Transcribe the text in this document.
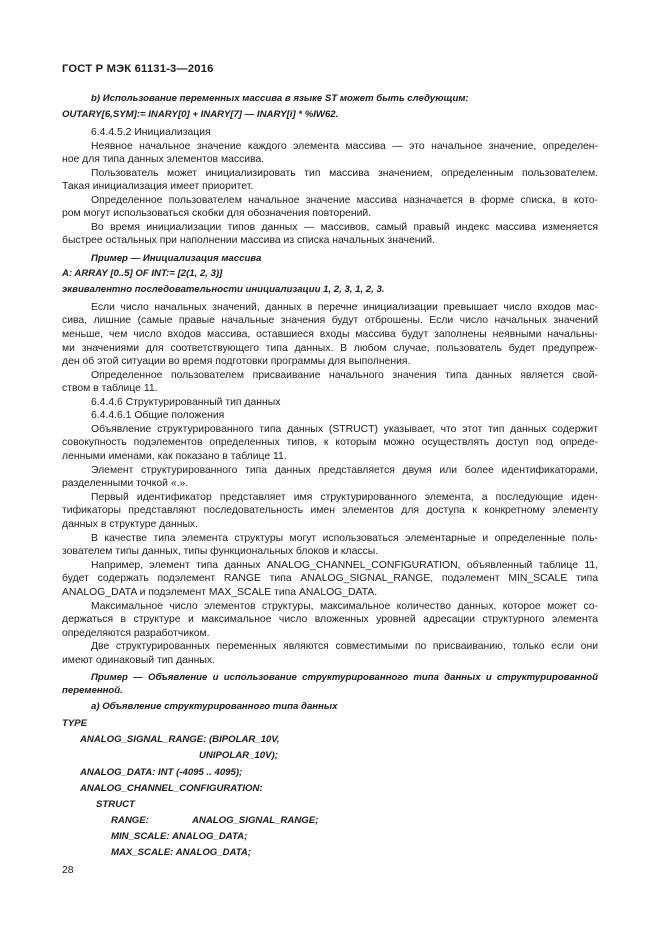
ГОСТ Р МЭК 61131-3—2016
b) Использование переменных массива в языке ST может быть следующим:
OUTARY[6,SYM]:= INARY[0] + INARY[7] — INARY[i] * %IW62.
6.4.4.5.2 Инициализация
Неявное начальное значение каждого элемента массива — это начальное значение, определен-
ное для типа данных элементов массива.
Пользователь может инициализировать тип массива значением, определенным пользователем.
Такая инициализация имеет приоритет.
Определенное пользователем начальное значение массива назначается в форме списка, в кото-
ром могут использоваться скобки для обозначения повторений.
Во время инициализации типов данных — массивов, самый правый индекс массива изменяется
быстрее остальных при наполнении массива из списка начальных значений.
Пример — Инициализация массива
A: ARRAY [0..5] OF INT:= [2(1, 2, 3)]
эквивалентно последовательности инициализации 1, 2, 3, 1, 2, 3.
Если число начальных значений, данных в перечне инициализации превышает число входов мас-
сива, лишние (самые правые начальные значения будут отброшены. Если число начальных значений
меньше, чем число входов массива, оставшиеся входы массива будут заполнены неявными начальны-
ми значениями для соответствующего типа данных. В любом случае, пользователь будет предупреж-
ден об этой ситуации во время подготовки программы для выполнения.
Определенное пользователем присваивание начального значения типа данных является свой-
ством в таблице 11.
6.4.4.6 Структурированный тип данных
6.4.4.6.1 Общие положения
Объявление структурированного типа данных (STRUCT) указывает, что этот тип данных содержит
совокупность подэлементов определенных типов, к которым можно осуществлять доступ под опреде-
ленными именами, как показано в таблице 11.
Элемент структурированного типа данных представляется двумя или более идентификаторами,
разделенными точкой «.».
Первый идентификатор представляет имя структурированного элемента, а последующие иден-
тификаторы представляют последовательность имен элементов для доступа к конкретному элементу
данных в структуре данных.
В качестве типа элемента структуры могут использоваться элементарные и определенные поль-
зователем типы данных, типы функциональных блоков и классы.
Например, элемент типа данных ANALOG_CHANNEL_CONFIGURATION, объявленный таблице 11,
будет содержать подэлемент RANGE типа ANALOG_SIGNAL_RANGE, подэлемент MIN_SCALE типа
ANALOG_DATA и подэлемент MAX_SCALE типа ANALOG_DATA.
Максимальное число элементов структуры, максимальное количество данных, которое может со-
держаться в структуре и максимальное число вложенных уровней адресации структурного элемента
определяются разработчиком.
Две структурированных переменных являются совместимыми по присваиванию, только если они
имеют одинаковый тип данных.
Пример — Объявление и использование структурированного типа данных и структурированной
переменной.
a) Объявление структурированного типа данных
TYPE
ANALOG_SIGNAL_RANGE: (BIPOLAR_10V,
UNIPOLAR_10V);
ANALOG_DATA: INT (-4095 .. 4095);
ANALOG_CHANNEL_CONFIGURATION:
STRUCT
RANGE:	ANALOG_SIGNAL_RANGE;
MIN_SCALE: ANALOG_DATA;
MAX_SCALE: ANALOG_DATA;
28
